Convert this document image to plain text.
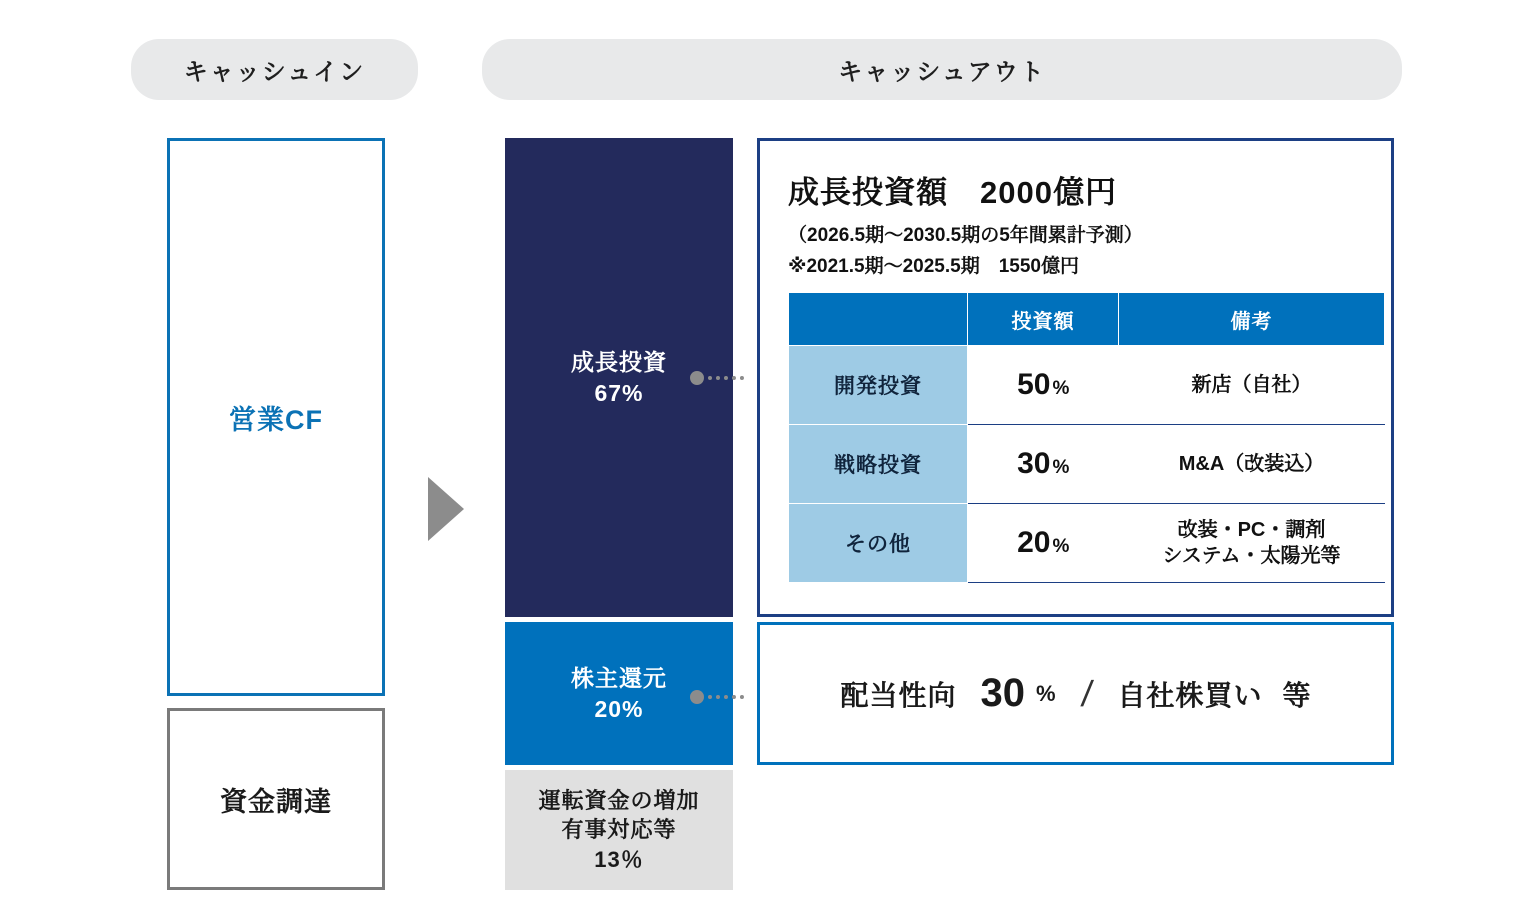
キャッシュイン	キャッシュアウト
営業CF
資金調達
成長投資
67%
株主還元
20%
運転資金の増加
有事対応等
13％
成長投資額　2000億円
（2026.5期〜2030.5期の5年間累計予測）
※2021.5期〜2025.5期　1550億円
	投資額	備考
開発投資	50 %	新店（自社）
戦略投資	30 %	M&A（改装込）
その他	20 %	改装・PC・調剤
システム・太陽光等
配当性向 30 % / 自社株買い 等
